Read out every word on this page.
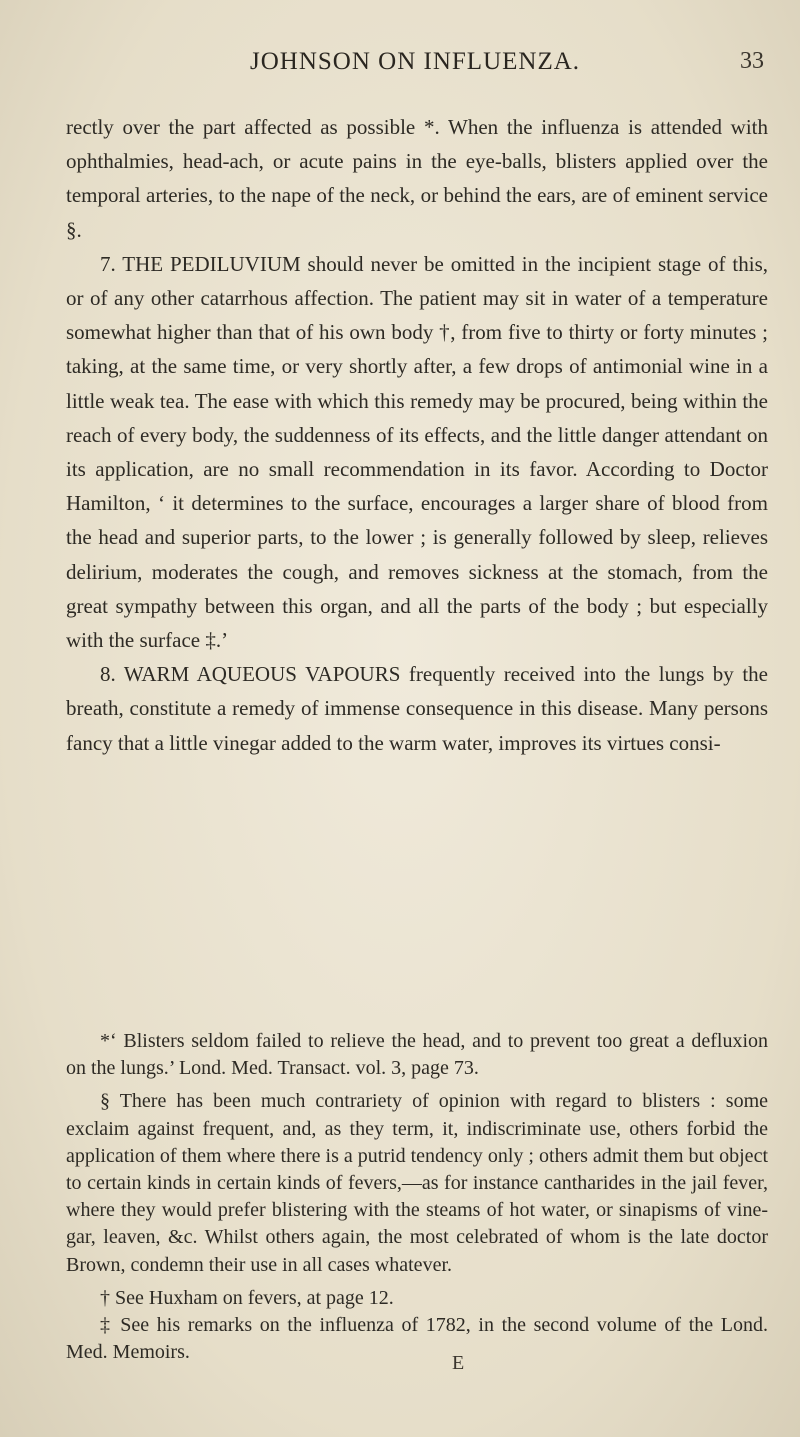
JOHNSON ON INFLUENZA.	33

rectly over the part affected as possible *. When the influenza is attended with ophthalmies, head-ach, or acute pains in the eye-balls, blisters applied over the temporal arteries, to the nape of the neck, or behind the ears, are of eminent service §.

7. THE PEDILUVIUM should never be omitted in the incipient stage of this, or of any other catarrhous affection. The patient may sit in water of a temperature somewhat higher than that of his own body †, from five to thirty or forty minutes ; taking, at the same time, or very shortly after, a few drops of antimonial wine in a little weak tea. The ease with which this remedy may be procured, being within the reach of every body, the suddenness of its effects, and the little danger attendant on its application, are no small recommendation in its favor. According to Doctor Hamilton, ‘ it determines to the surface, encourages a larger share of blood from the head and superior parts, to the lower ; is generally followed by sleep, relieves delirium, moderates the cough, and removes sickness at the stomach, from the great sympathy between this organ, and all the parts of the body ; but especially with the surface ‡.’

8. WARM AQUEOUS VAPOURS frequently received into the lungs by the breath, constitute a remedy of immense consequence in this disease. Many persons fancy that a little vinegar added to the warm water, improves its virtues consi-

*‘ Blisters seldom failed to relieve the head, and to prevent too great a defluxion on the lungs.’ Lond. Med. Transact. vol. 3, page 73.

§ There has been much contrariety of opinion with regard to blisters : some exclaim against frequent, and, as they term, it, indiscriminate use, others forbid the application of them where there is a putrid tendency only ; others admit them but object to certain kinds in certain kinds of fevers,—as for instance cantharides in the jail fever, where they would prefer blistering with the steams of hot water, or sinapisms of vine-gar, leaven, &c. Whilst others again, the most celebrated of whom is the late doctor Brown, condemn their use in all cases whatever.

† See Huxham on fevers, at page 12.

‡ See his remarks on the influenza of 1782, in the second volume of the Lond. Med. Memoirs.	E
